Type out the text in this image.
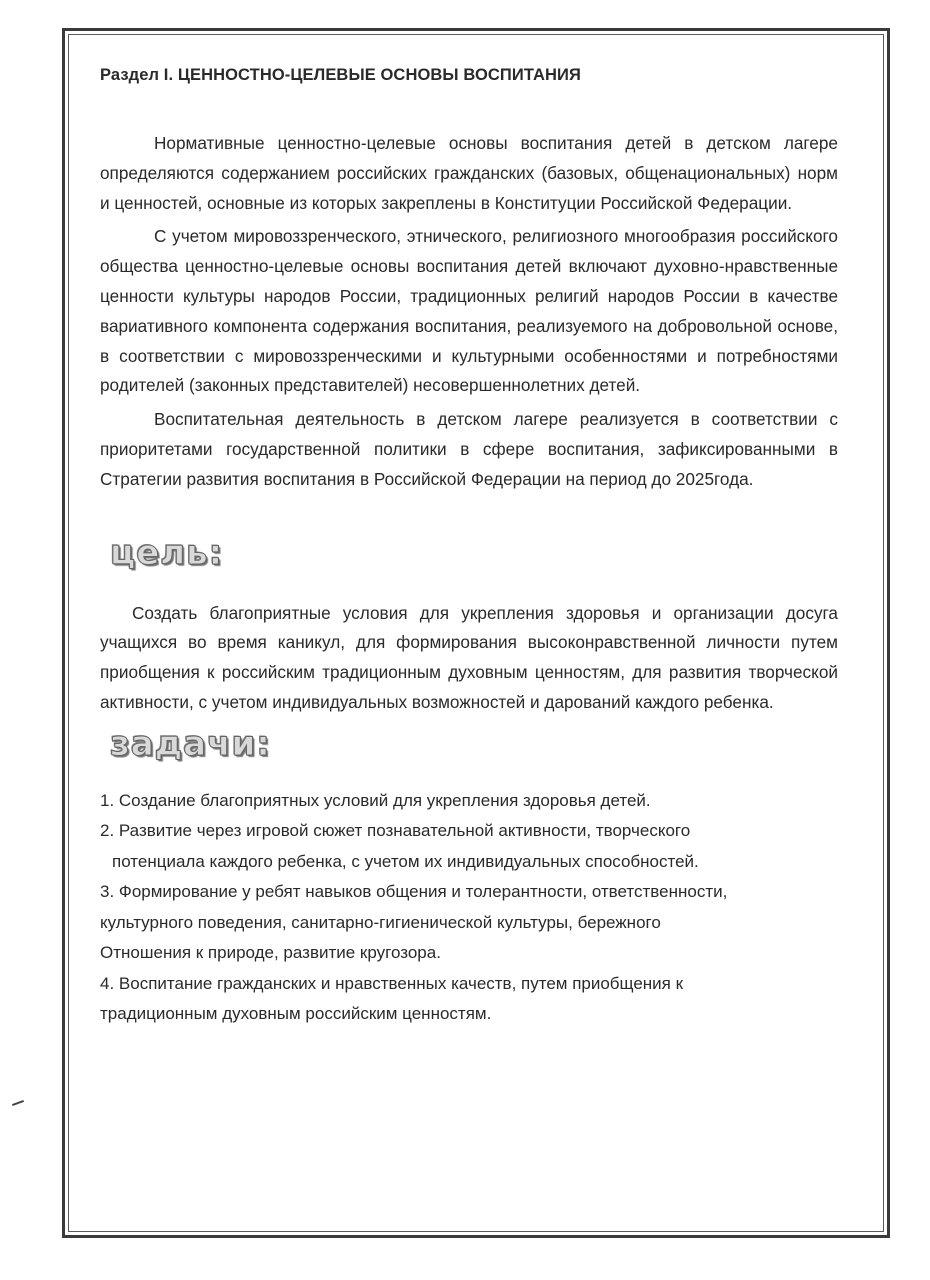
Раздел I. ЦЕННОСТНО-ЦЕЛЕВЫЕ ОСНОВЫ ВОСПИТАНИЯ

Нормативные ценностно-целевые основы воспитания детей в детском лагере определяются содержанием российских гражданских (базовых, общенациональных) норм и ценностей, основные из которых закреплены в Конституции Российской Федерации.

С учетом мировоззренческого, этнического, религиозного многообразия российского общества ценностно-целевые основы воспитания детей включают духовно-нравственные ценности культуры народов России, традиционных религий народов России в качестве вариативного компонента содержания воспитания, реализуемого на добровольной основе, в соответствии с мировоззренческими и культурными особенностями и потребностями родителей (законных представителей) несовершеннолетних детей.

Воспитательная деятельность в детском лагере реализуется в соответствии с приоритетами государственной политики в сфере воспитания, зафиксированными в Стратегии развития воспитания в Российской Федерации на период до 2025года.

цель:

Создать благоприятные условия для укрепления здоровья и организации досуга учащихся во время каникул, для формирования высоконравственной личности путем приобщения к российским традиционным духовным ценностям, для развития творческой активности, с учетом индивидуальных возможностей и дарований каждого ребенка.

задачи:
1. Создание благоприятных условий для укрепления здоровья детей.
2. Развитие через игровой сюжет познавательной активности, творческого
потенциала каждого ребенка, с учетом их индивидуальных способностей.
3. Формирование у ребят навыков общения и толерантности, ответственности,
культурного поведения, санитарно-гигиенической культуры, бережного
Отношения к природе, развитие кругозора.
4. Воспитание гражданских и нравственных качеств, путем приобщения к
традиционным духовным российским ценностям.
